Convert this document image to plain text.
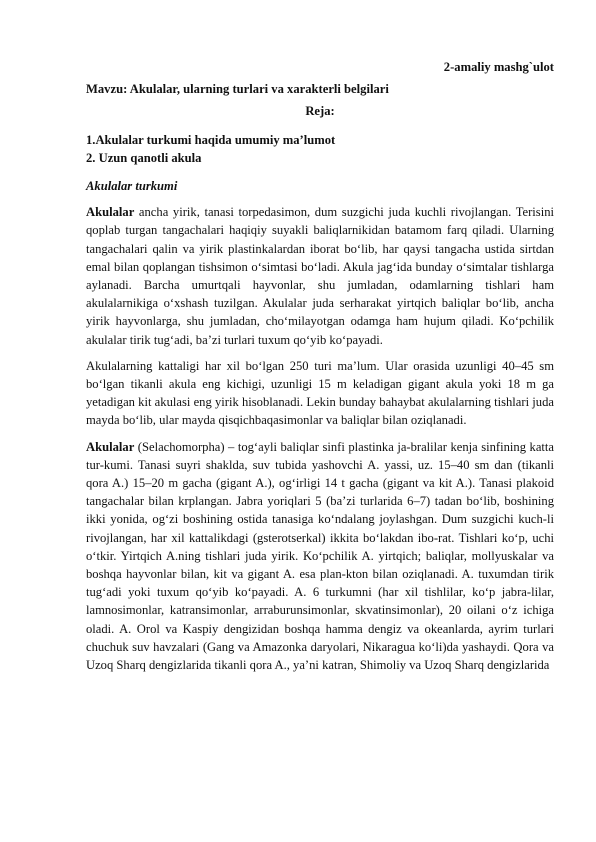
2-amaliy mashg`ulot

Mavzu: Akulalar, ularning turlari va xarakterli belgilari

Reja:

1.Akulalar turkumi haqida umumiy maʼlumot

2. Uzun qanotli akula

Akulalar turkumi

Akulalar ancha yirik, tanasi torpedasimon, dum suzgichi juda kuchli rivojlangan. Terisini qoplab turgan tangachalari haqiqiy suyakli baliqlarnikidan batamom farq qiladi. Ularning tangachalari qalin va yirik plastinkalardan iborat boʻlib, har qaysi tangacha ustida sirtdan emal bilan qoplangan tishsimon oʻsimtasi boʻladi. Akula jagʻida bunday oʻsimtalar tishlarga aylanadi. Barcha umurtqali hayvonlar, shu jumladan, odamlarning tishlari ham akulalarnikiga oʻxshash tuzilgan. Akulalar juda serharakat yirtqich baliqlar boʻlib, ancha yirik hayvonlarga, shu jumladan, choʻmilayotgan odamga ham hujum qiladi. Koʻpchilik akulalar tirik tugʻadi, baʼzi turlari tuxum qoʻyib koʻpayadi.

Akulalarning kattaligi har xil boʻlgan 250 turi maʼlum. Ular orasida uzunligi 40–45 sm boʻlgan tikanli akula eng kichigi, uzunligi 15 m keladigan gigant akula yoki 18 m ga yetadigan kit akulasi eng yirik hisoblanadi. Lekin bunday bahaybat akulalarning tishlari juda mayda boʻlib, ular mayda qisqichbaqasimonlar va baliqlar bilan oziqlanadi.

Akulalar (Selachomorpha) – togʻayli baliqlar sinfi plastinka ja-bralilar kenja sinfining katta tur-kumi. Tanasi suyri shaklda, suv tubida yashovchi A. yassi, uz. 15–40 sm dan (tikanli qora A.) 15–20 m gacha (gigant A.), ogʻirligi 14 t gacha (gigant va kit A.). Tanasi plakoid tangachalar bilan krplangan. Jabra yoriqlari 5 (baʼzi turlarida 6–7) tadan boʻlib, boshining ikki yonida, ogʻzi boshining ostida tanasiga koʻndalang joylashgan. Dum suzgichi kuch-li rivojlangan, har xil kattalikdagi (gsterotserkal) ikkita boʻlakdan ibo-rat. Tishlari koʻp, uchi oʻtkir. Yirtqich A.ning tishlari juda yirik. Koʻpchilik A. yirtqich; baliqlar, mollyuskalar va boshqa hayvonlar bilan, kit va gigant A. esa plan-kton bilan oziqlanadi. A. tuxumdan tirik tugʻadi yoki tuxum qoʻyib koʻpayadi. A. 6 turkumni (har xil tishlilar, koʻp jabra-lilar, lamnosimonlar, katransimonlar, arraburunsimonlar, skvatinsimonlar), 20 oilani oʻz ichiga oladi. A. Orol va Kaspiy dengizidan boshqa hamma dengiz va okeanlarda, ayrim turlari chuchuk suv havzalari (Gang va Amazonka daryolari, Nikaragua koʻli)da yashaydi. Qora va Uzoq Sharq dengizlarida tikanli qora A., yaʼni katran, Shimoliy va Uzoq Sharq dengizlarida
